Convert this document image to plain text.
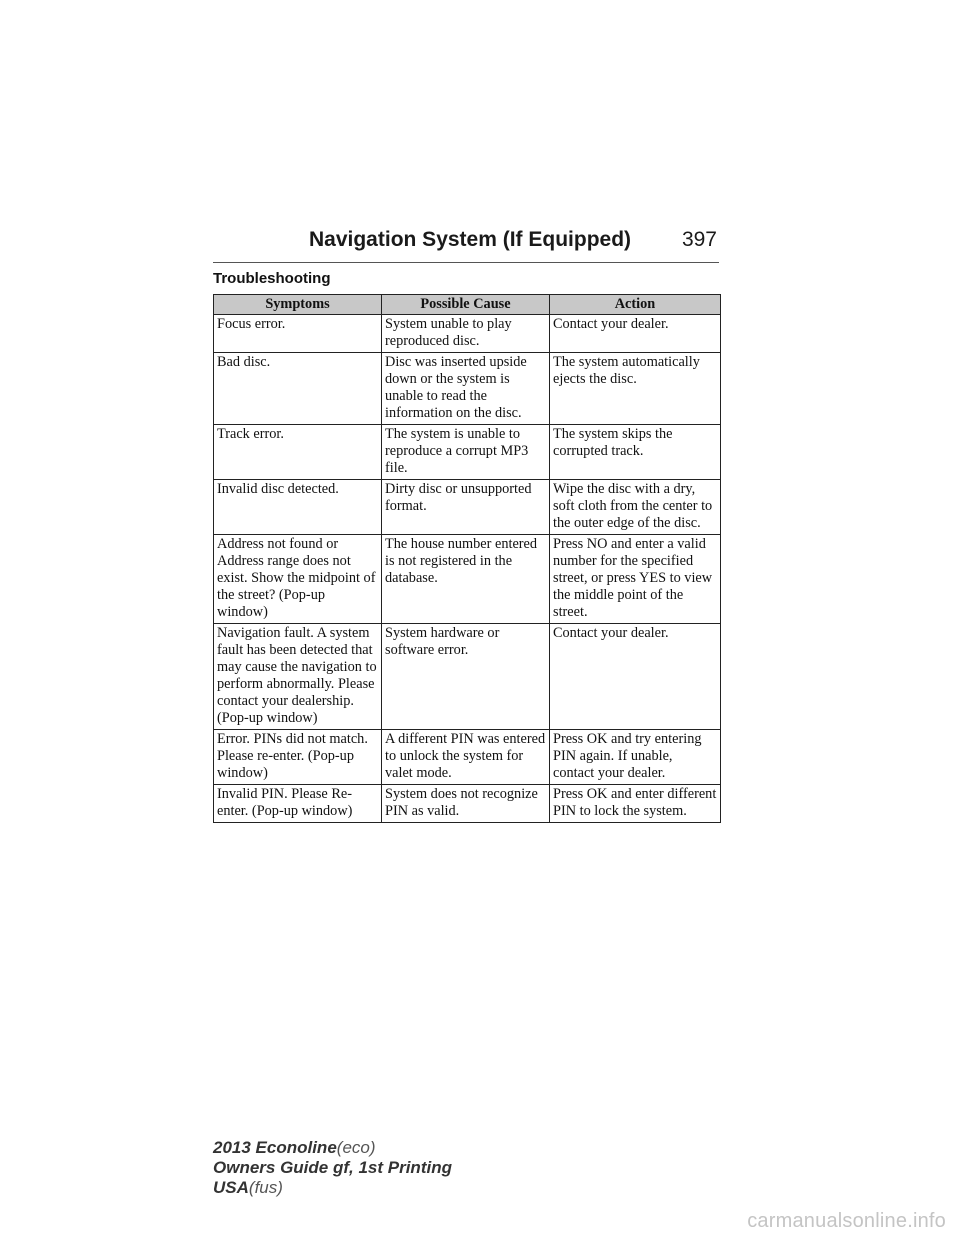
Navigation System (If Equipped) 397
Troubleshooting
Symptoms	Possible Cause	Action
Focus error.	System unable to play reproduced disc.	Contact your dealer.
Bad disc.	Disc was inserted upside down or the system is unable to read the information on the disc.	The system automatically ejects the disc.
Track error.	The system is unable to reproduce a corrupt MP3 file.	The system skips the corrupted track.
Invalid disc detected.	Dirty disc or unsupported format.	Wipe the disc with a dry, soft cloth from the center to the outer edge of the disc.
Address not found or Address range does not exist. Show the midpoint of the street? (Pop-up window)	The house number entered is not registered in the database.	Press NO and enter a valid number for the specified street, or press YES to view the middle point of the street.
Navigation fault. A system fault has been detected that may cause the navigation to perform abnormally. Please contact your dealership. (Pop-up window)	System hardware or software error.	Contact your dealer.
Error. PINs did not match. Please re-enter. (Pop-up window)	A different PIN was entered to unlock the system for valet mode.	Press OK and try entering PIN again. If unable, contact your dealer.
Invalid PIN. Please Re-enter. (Pop-up window)	System does not recognize PIN as valid.	Press OK and enter different PIN to lock the system.
2013 Econoline(eco)
Owners Guide gf, 1st Printing
USA(fus)
carmanualsonline.info
